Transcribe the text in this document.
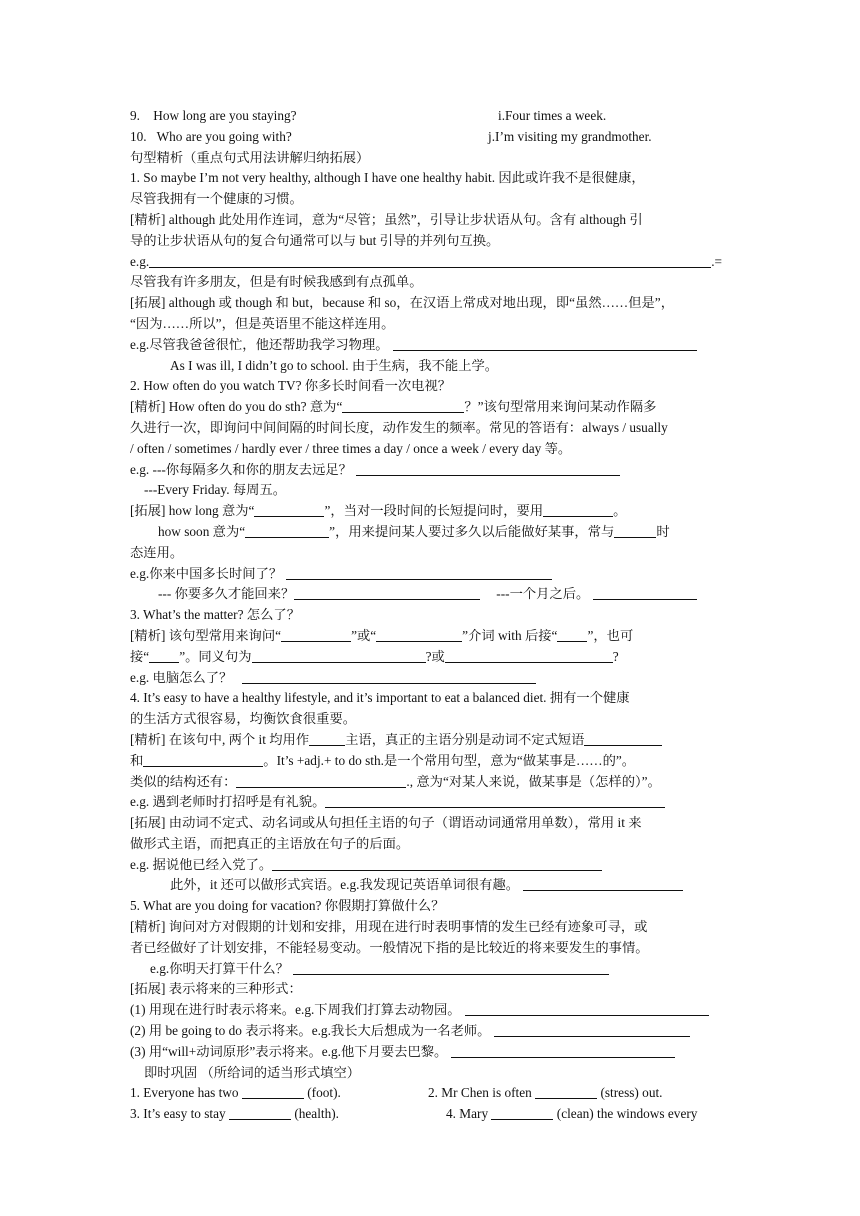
9.    How long are you staying?	i.Four times a week.
10.   Who are you going with?	j.I’m visiting my grandmother.
句型精析（重点句式用法讲解归纳拓展）
1. So maybe I’m not very healthy, although I have one healthy habit. 因此或许我不是很健康，
尽管我拥有一个健康的习惯。
[精析] although 此处用作连词，意为“尽管；虽然”，引导让步状语从句。含有 although 引
导的让步状语从句的复合句通常可以与 but 引导的并列句互换。
e.g.	.=
尽管我有许多朋友，但是有时候我感到有点孤单。
[拓展] although 或 though 和 but，because 和 so，在汉语上常成对地出现，即“虽然……但是”，
“因为……所以”，但是英语里不能这样连用。
e.g.尽管我爸爸很忙，他还帮助我学习物理。
As I was ill, I didn’t go to school. 由于生病，我不能上学。
2. How often do you watch TV? 你多长时间看一次电视？
[精析] How often do you do sth? 意为“	？”该句型常用来询问某动作隔多
久进行一次，即询问中间间隔的时间长度，动作发生的频率。常见的答语有：always / usually
/ often / sometimes / hardly ever / three times a day / once a week / every day 等。
e.g. ---你每隔多久和你的朋友去远足？
---Every Friday. 每周五。
[拓展] how long 意为“	”，当对一段时间的长短提问时，要用	。
how soon 意为“	”，用来提问某人要过多久以后能做好某事，常与	时
态连用。
e.g.你来中国多长时间了？
--- 你要多久才能回来？	---一个月之后。
3. What’s the matter? 怎么了？
[精析] 该句型常用来询问“	”或“	”介词 with 后接“ ”，也可
接“ ”。同义句为	?或	?
e.g. 电脑怎么了？
4. It’s easy to have a healthy lifestyle, and it’s important to eat a balanced diet. 拥有一个健康
的生活方式很容易，均衡饮食很重要。
[精析] 在该句中, 两个 it 均用作	主语，真正的主语分别是动词不定式短语
和	。It’s +adj.+ to do sth.是一个常用句型，意为“做某事是……的”。
类似的结构还有：	., 意为“对某人来说，做某事是（怎样的）”。
e.g. 遇到老师时打招呼是有礼貌。
[拓展] 由动词不定式、动名词或从句担任主语的句子（谓语动词通常用单数），常用 it 来
做形式主语，而把真正的主语放在句子的后面。
e.g. 据说他已经入党了。
此外，it 还可以做形式宾语。e.g.我发现记英语单词很有趣。
5. What are you doing for vacation? 你假期打算做什么？
[精析] 询问对方对假期的计划和安排，用现在进行时表明事情的发生已经有迹象可寻，或
者已经做好了计划安排，不能轻易变动。一般情况下指的是比较近的将来要发生的事情。
e.g.你明天打算干什么？
[拓展] 表示将来的三种形式：
(1) 用现在进行时表示将来。e.g.下周我们打算去动物园。
(2) 用 be going to do 表示将来。e.g.我长大后想成为一名老师。
(3) 用“will+动词原形”表示将来。e.g.他下月要去巴黎。
即时巩固 （所给词的适当形式填空）
1. Everyone has two	(foot).	2. Mr Chen is often	(stress) out.
3. It’s easy to stay	(health).	4. Mary	(clean) the windows every
